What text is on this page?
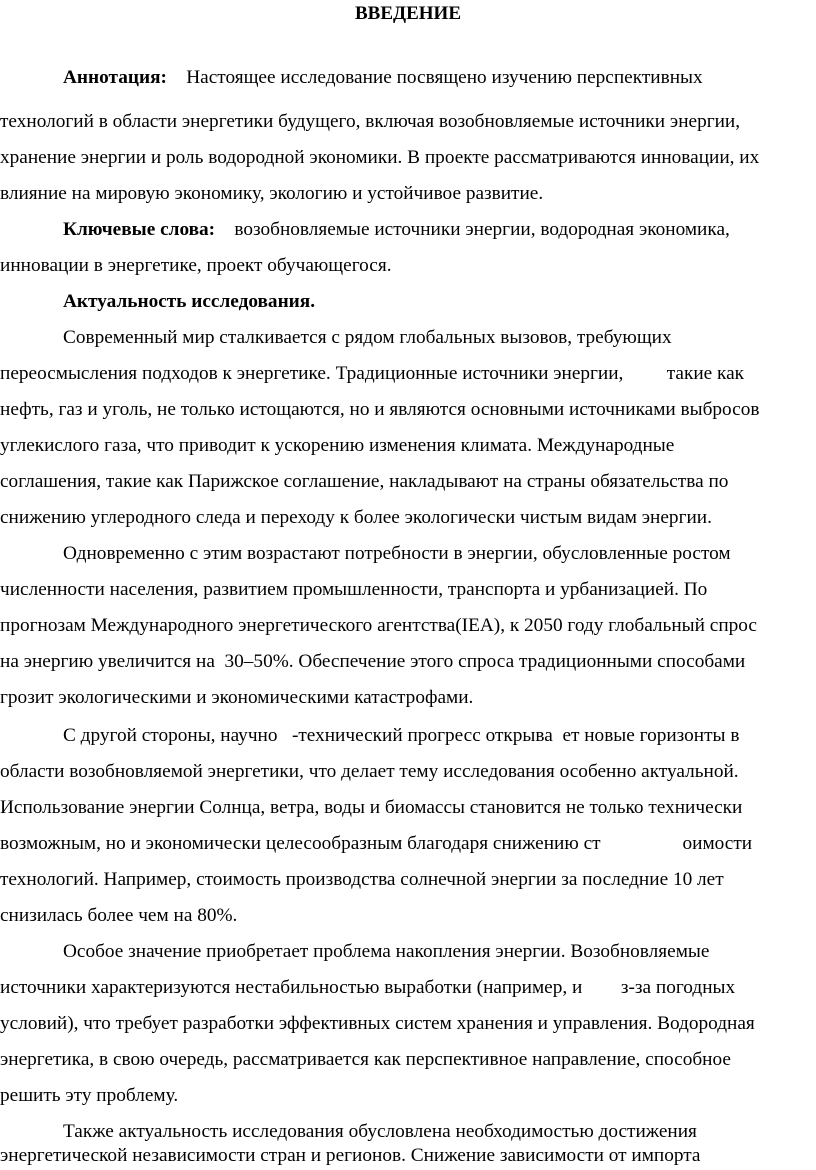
ВВЕДЕНИЕ
Аннотация:    Настоящее исследование посвящено изучению перспективных
технологий в области энергетики будущего, включая возобновляемые источники энергии,
хранение энергии и роль водородной экономики. В проекте рассматриваются инновации, их
влияние на мировую экономику, экологию и устойчивое развитие.
Ключевые слова:    возобновляемые источники энергии, водородная экономика,
инновации в энергетике, проект обучающегося.
Актуальность исследования.
Современный мир сталкивается с рядом глобальных вызовов, требующих
переосмысления подходов к энергетике. Традиционные источники энергии,         такие как
нефть, газ и уголь, не только истощаются, но и являются основными источниками выбросов
углекислого газа, что приводит к ускорению изменения климата. Международные
соглашения, такие как Парижское соглашение, накладывают на страны обязательства по
снижению углеродного следа и переходу к более экологически чистым видам энергии.
Одновременно с этим возрастают потребности в энергии, обусловленные ростом
численности населения, развитием промышленности, транспорта и урбанизацией. По
прогнозам Международного энергетического агентства(IEA), к 2050 году глобальный спрос
на энергию увеличится на  30–50%. Обеспечение этого спроса традиционными способами
грозит экологическими и экономическими катастрофами.
С другой стороны, научно   -технический прогресс открыва  ет новые горизонты в
области возобновляемой энергетики, что делает тему исследования особенно актуальной.
Использование энергии Солнца, ветра, воды и биомассы становится не только технически
возможным, но и экономически целесообразным благодаря снижению ст                 оимости
технологий. Например, стоимость производства солнечной энергии за последние 10 лет
снизилась более чем на 80%.
Особое значение приобретает проблема накопления энергии. Возобновляемые
источники характеризуются нестабильностью выработки (например, и        з-за погодных
условий), что требует разработки эффективных систем хранения и управления. Водородная
энергетика, в свою очередь, рассматривается как перспективное направление, способное
решить эту проблему.
Также актуальность исследования обусловлена необходимостью достижения
энергетической независимости стран и регионов. Снижение зависимости от импорта
